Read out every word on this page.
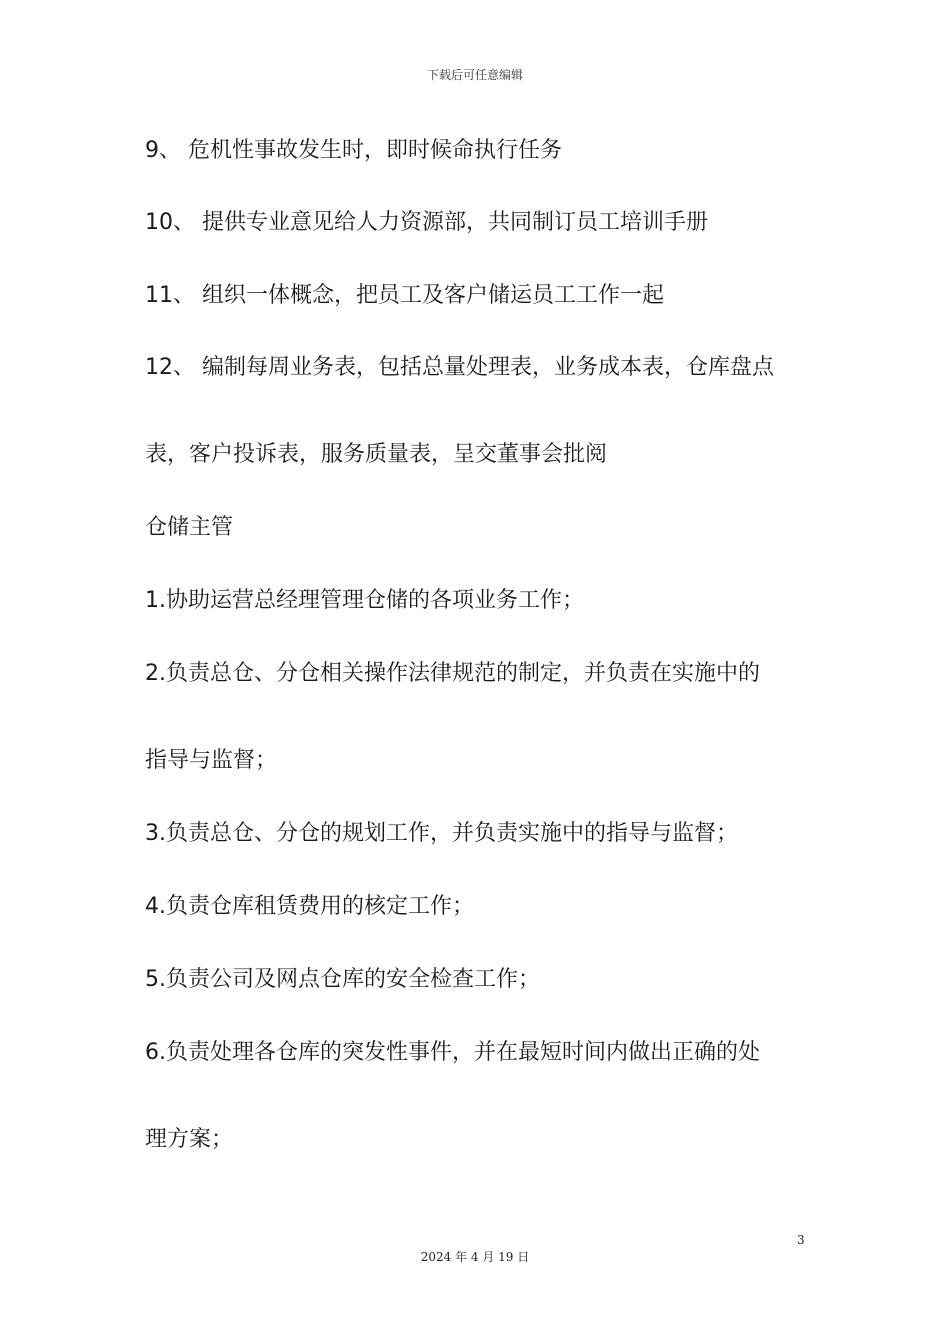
下载后可任意编辑

9、 危机性事故发生时，即时候命执行任务

10、 提供专业意见给人力资源部，共同制订员工培训手册

11、 组织一体概念，把员工及客户储运员工工作一起

12、 编制每周业务表，包括总量处理表，业务成本表，仓库盘点

表，客户投诉表，服务质量表，呈交董事会批阅

仓储主管

1.协助运营总经理管理仓储的各项业务工作；

2.负责总仓、分仓相关操作法律规范的制定，并负责在实施中的

指导与监督；

3.负责总仓、分仓的规划工作，并负责实施中的指导与监督；

4.负责仓库租赁费用的核定工作；

5.负责公司及网点仓库的安全检查工作；

6.负责处理各仓库的突发性事件，并在最短时间内做出正确的处

理方案；

3
2024 年 4 月 19 日
